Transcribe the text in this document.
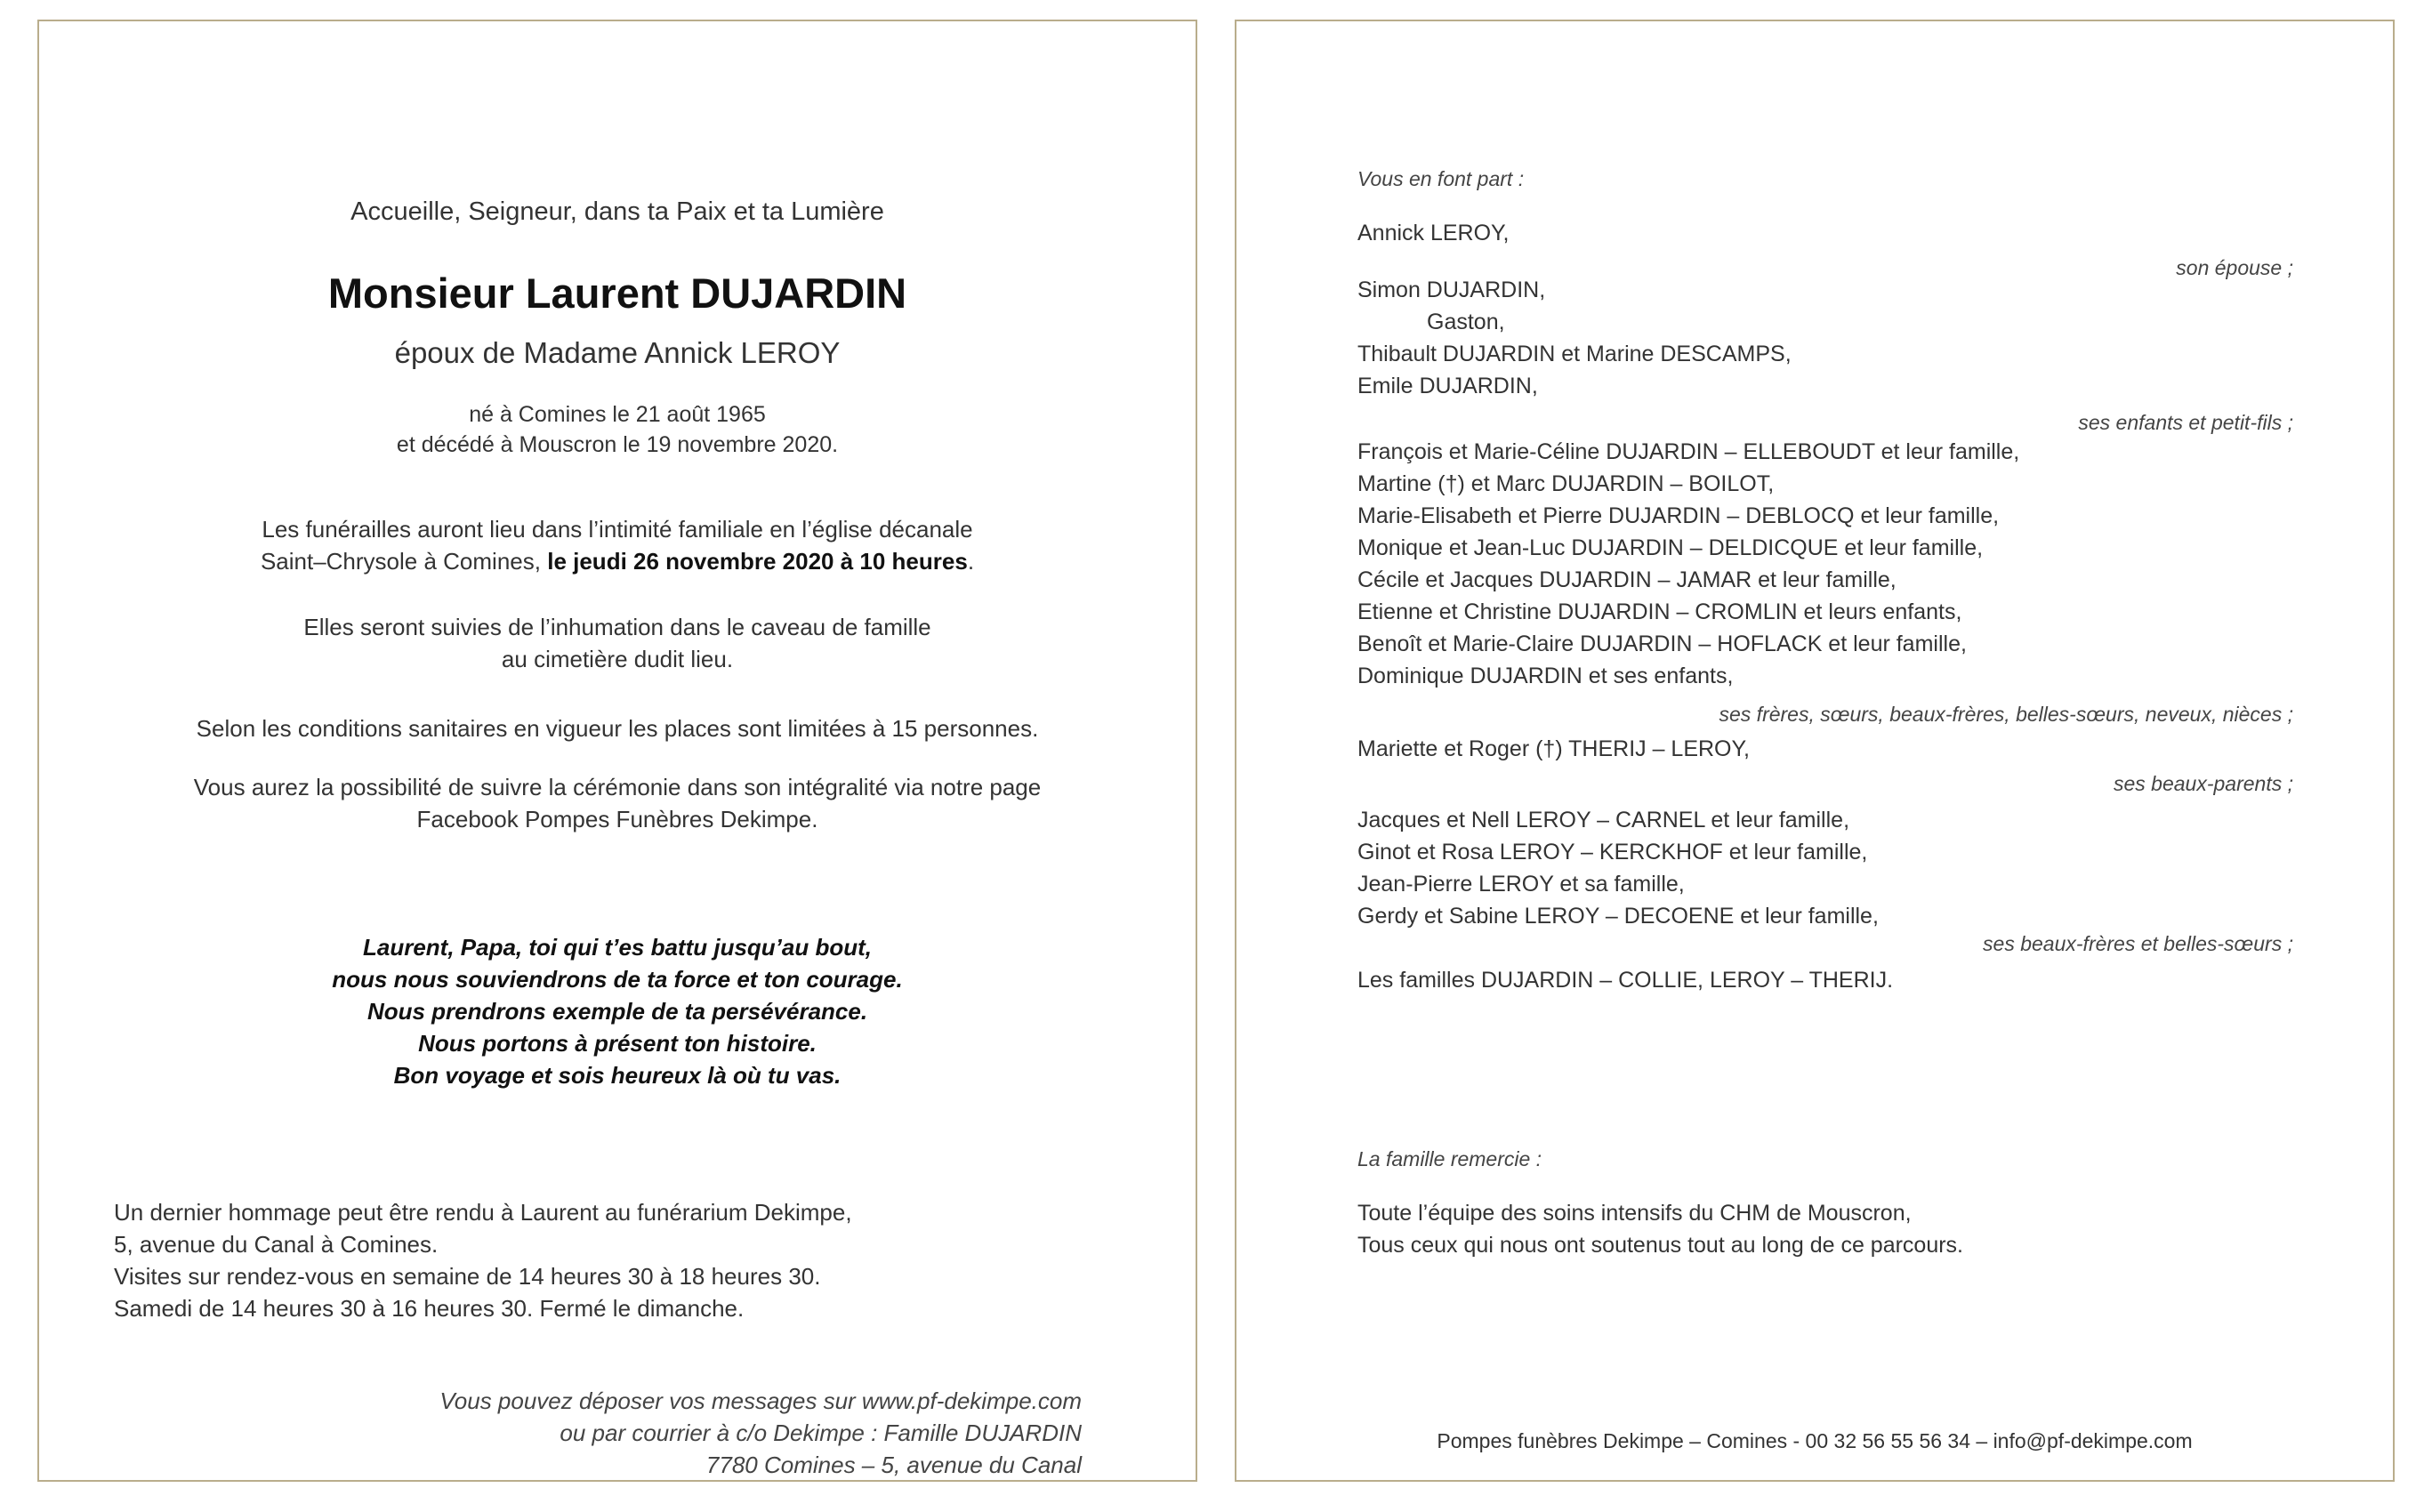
Accueille, Seigneur, dans ta Paix et ta Lumière
Monsieur Laurent DUJARDIN
époux de Madame Annick LEROY
né à Comines le 21 août 1965
et décédé à Mouscron le 19 novembre 2020.
Les funérailles auront lieu dans l’intimité familiale en l’église décanale
Saint–Chrysole à Comines, le jeudi 26 novembre 2020 à 10 heures.
Elles seront suivies de l’inhumation dans le caveau de famille
au cimetière dudit lieu.
Selon les conditions sanitaires en vigueur les places sont limitées à 15 personnes.
Vous aurez la possibilité de suivre la cérémonie dans son intégralité via notre page
Facebook Pompes Funèbres Dekimpe.
Laurent, Papa, toi qui t’es battu jusqu’au bout,
nous nous souviendrons de ta force et ton courage.
Nous prendrons exemple de ta persévérance.
Nous portons à présent ton histoire.
Bon voyage et sois heureux là où tu vas.
Un dernier hommage peut être rendu à Laurent au funérarium Dekimpe,
5, avenue du Canal à Comines.
Visites sur rendez-vous en semaine de 14 heures 30 à 18 heures 30.
Samedi de 14 heures 30 à 16 heures 30. Fermé le dimanche.
Vous pouvez déposer vos messages sur www.pf-dekimpe.com
ou par courrier à c/o Dekimpe : Famille DUJARDIN
7780 Comines – 5, avenue du Canal
Vous en font part :
Annick LEROY,
son épouse ;
Simon DUJARDIN,
Gaston,
Thibault DUJARDIN et Marine DESCAMPS,
Emile DUJARDIN,
ses enfants et petit-fils ;
François et Marie-Céline DUJARDIN – ELLEBOUDT et leur famille,
Martine (†) et Marc DUJARDIN – BOILOT,
Marie-Elisabeth et Pierre DUJARDIN – DEBLOCQ et leur famille,
Monique et Jean-Luc DUJARDIN – DELDICQUE et leur famille,
Cécile et Jacques DUJARDIN – JAMAR et leur famille,
Etienne et Christine DUJARDIN – CROMLIN et leurs enfants,
Benoît et Marie-Claire DUJARDIN – HOFLACK et leur famille,
Dominique DUJARDIN et ses enfants,
ses frères, sœurs, beaux-frères, belles-sœurs, neveux, nièces ;
Mariette et Roger (†) THERIJ – LEROY,
ses beaux-parents ;
Jacques et Nell LEROY – CARNEL et leur famille,
Ginot et Rosa LEROY – KERCKHOF et leur famille,
Jean-Pierre LEROY et sa famille,
Gerdy et Sabine LEROY – DECOENE et leur famille,
ses beaux-frères et belles-sœurs ;
Les familles DUJARDIN – COLLIE, LEROY – THERIJ.
La famille remercie :
Toute l’équipe des soins intensifs du CHM de Mouscron,
Tous ceux qui nous ont soutenus tout au long de ce parcours.
Pompes funèbres Dekimpe – Comines - 00 32 56 55 56 34 – info@pf-dekimpe.com
